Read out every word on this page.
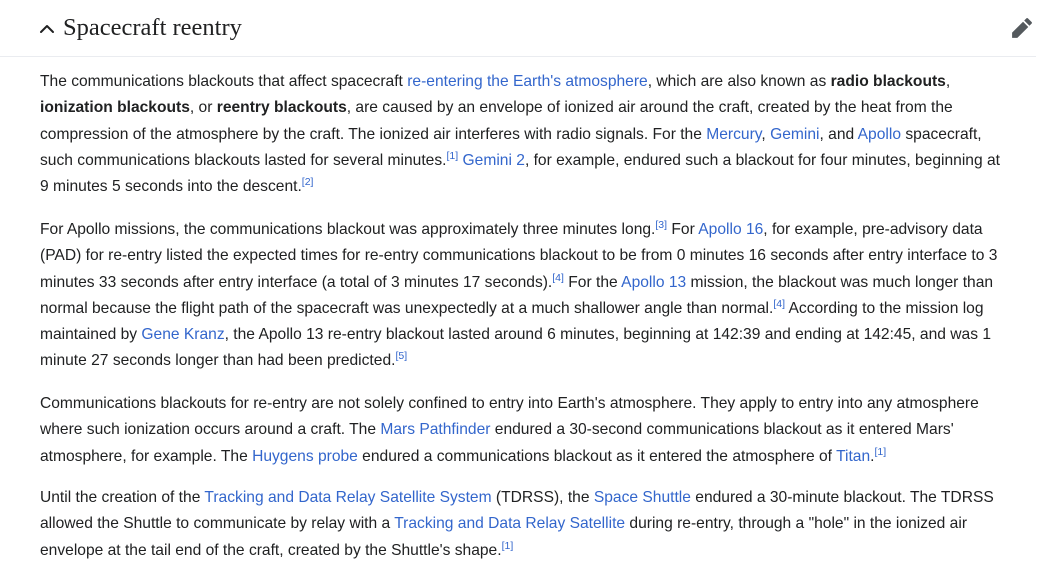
Spacecraft reentry

The communications blackouts that affect spacecraft re-entering the Earth's atmosphere, which are also known as radio blackouts,
ionization blackouts, or reentry blackouts, are caused by an envelope of ionized air around the craft, created by the heat from the
compression of the atmosphere by the craft. The ionized air interferes with radio signals. For the Mercury, Gemini, and Apollo spacecraft,
such communications blackouts lasted for several minutes.[1] Gemini 2, for example, endured such a blackout for four minutes, beginning at
9 minutes 5 seconds into the descent.[2]

For Apollo missions, the communications blackout was approximately three minutes long.[3] For Apollo 16, for example, pre-advisory data
(PAD) for re-entry listed the expected times for re-entry communications blackout to be from 0 minutes 16 seconds after entry interface to 3
minutes 33 seconds after entry interface (a total of 3 minutes 17 seconds).[4] For the Apollo 13 mission, the blackout was much longer than
normal because the flight path of the spacecraft was unexpectedly at a much shallower angle than normal.[4] According to the mission log
maintained by Gene Kranz, the Apollo 13 re-entry blackout lasted around 6 minutes, beginning at 142:39 and ending at 142:45, and was 1
minute 27 seconds longer than had been predicted.[5]

Communications blackouts for re-entry are not solely confined to entry into Earth's atmosphere. They apply to entry into any atmosphere
where such ionization occurs around a craft. The Mars Pathfinder endured a 30-second communications blackout as it entered Mars'
atmosphere, for example. The Huygens probe endured a communications blackout as it entered the atmosphere of Titan.[1]

Until the creation of the Tracking and Data Relay Satellite System (TDRSS), the Space Shuttle endured a 30-minute blackout. The TDRSS
allowed the Shuttle to communicate by relay with a Tracking and Data Relay Satellite during re-entry, through a "hole" in the ionized air
envelope at the tail end of the craft, created by the Shuttle's shape.[1]
